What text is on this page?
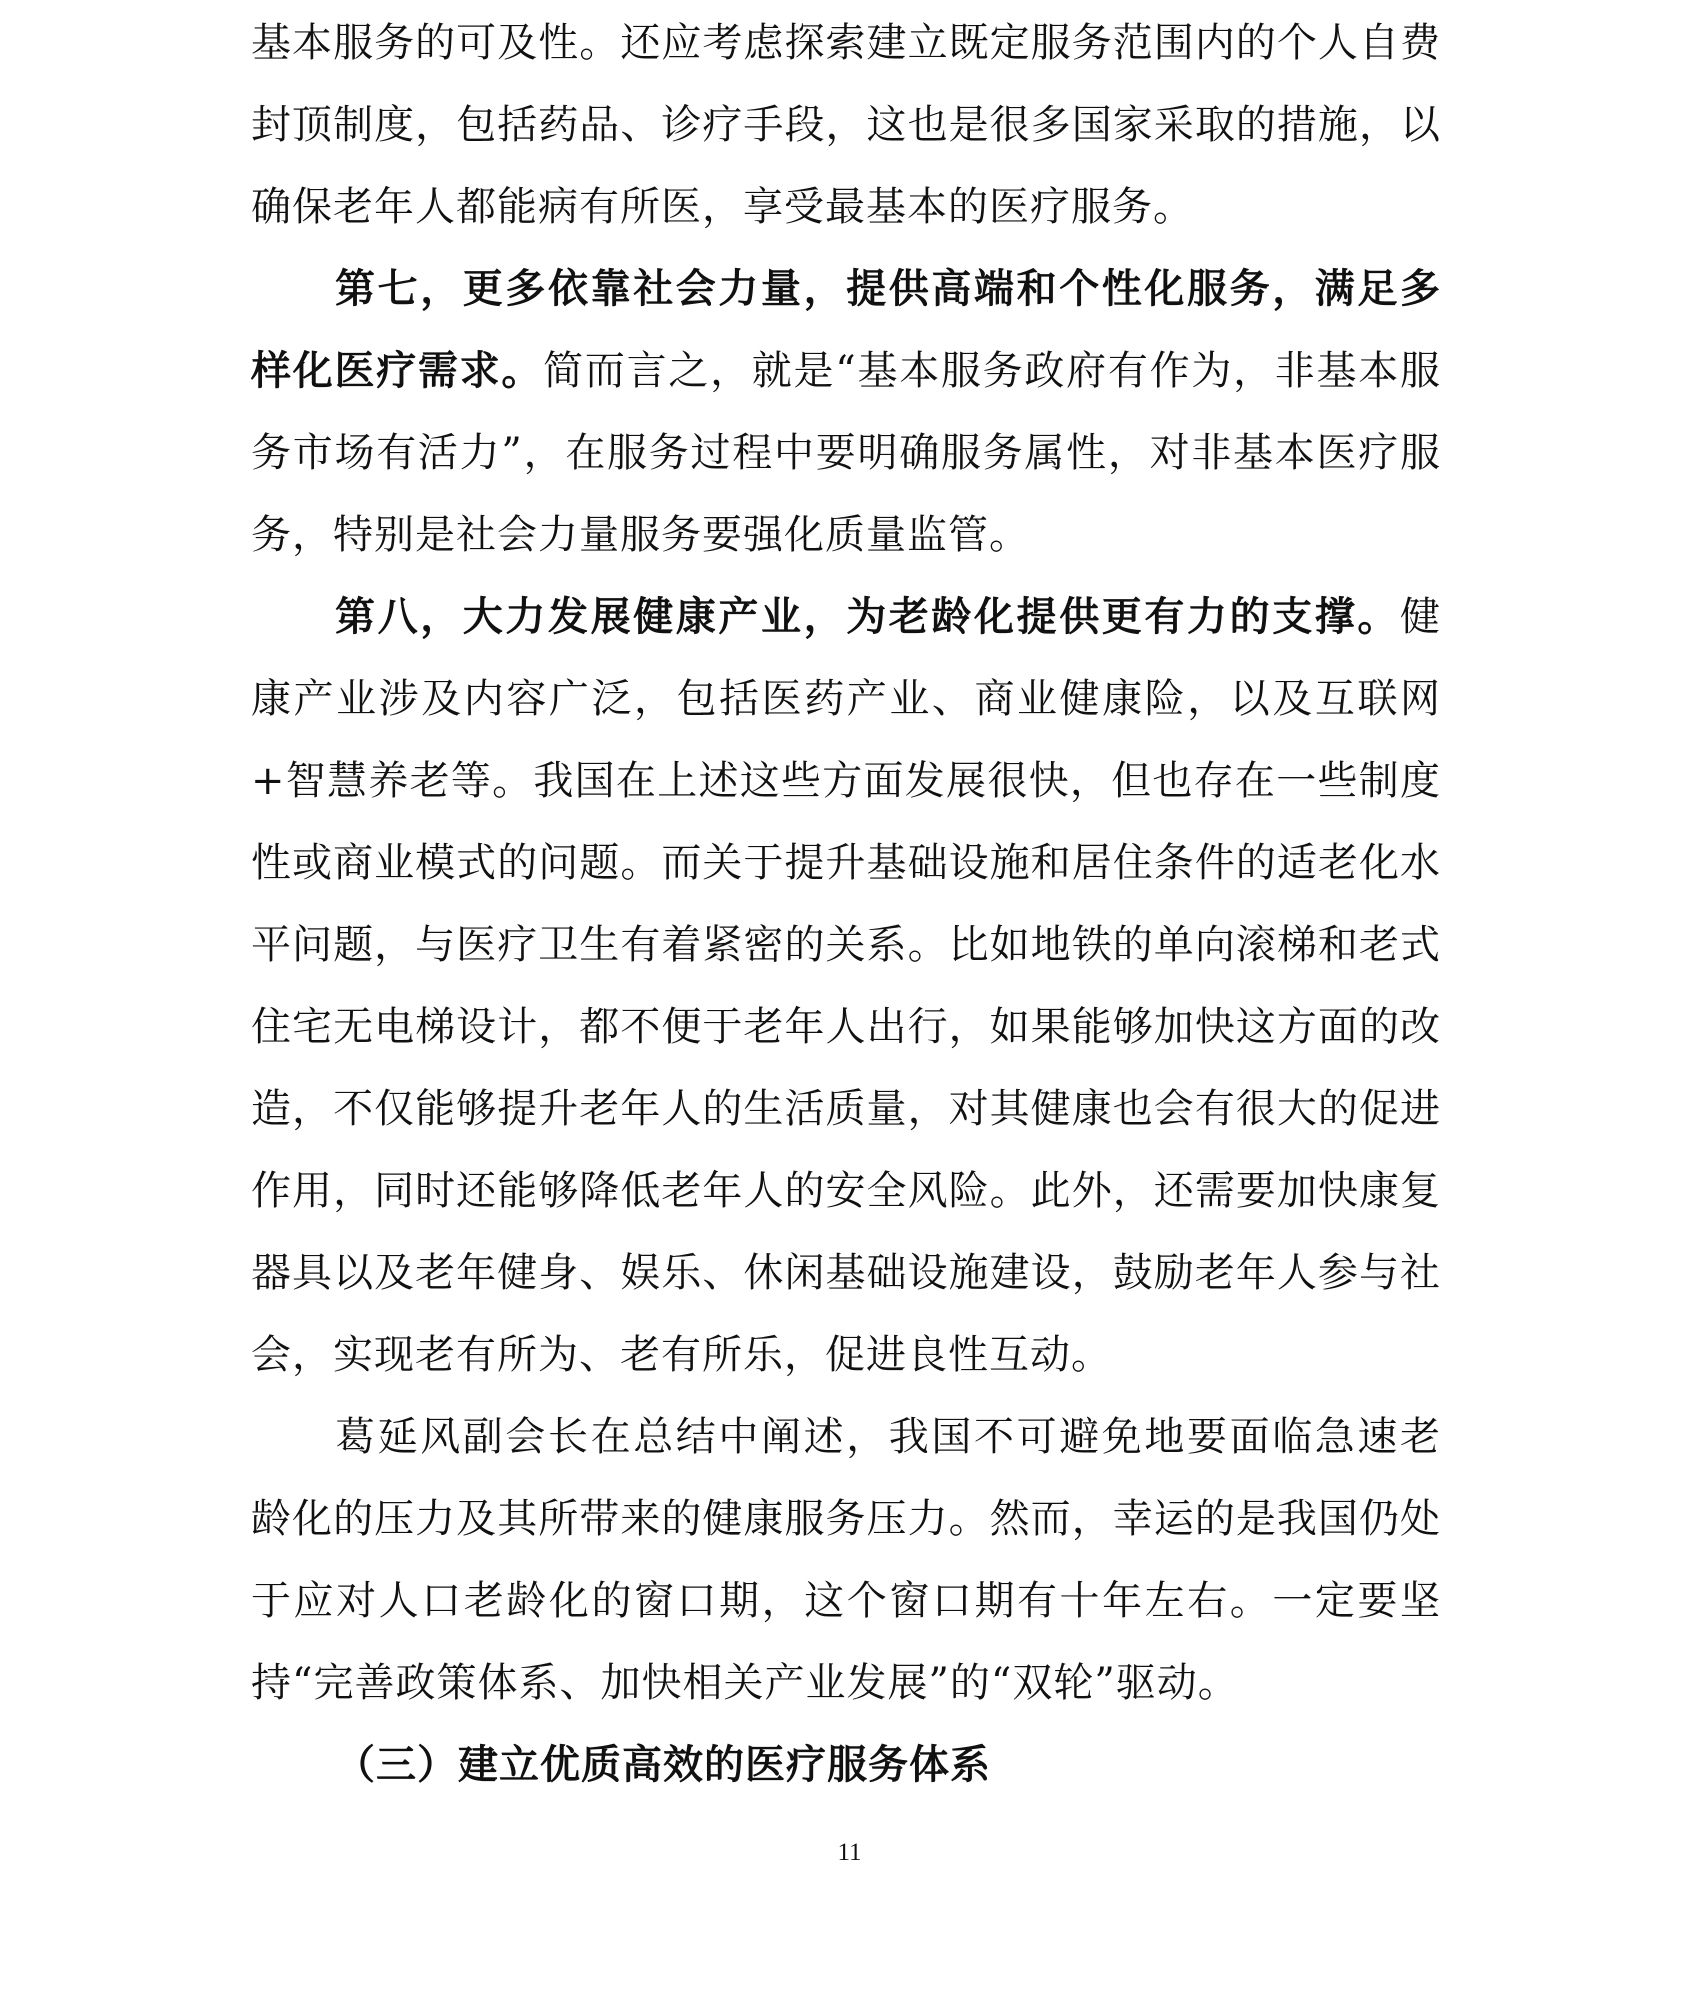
基本服务的可及性。还应考虑探索建立既定服务范围内的个人自费封顶制度，包括药品、诊疗手段，这也是很多国家采取的措施，以确保老年人都能病有所医，享受最基本的医疗服务。

第七，更多依靠社会力量，提供高端和个性化服务，满足多样化医疗需求。简而言之，就是“基本服务政府有作为，非基本服务市场有活力”，在服务过程中要明确服务属性，对非基本医疗服务，特别是社会力量服务要强化质量监管。

第八，大力发展健康产业，为老龄化提供更有力的支撑。健康产业涉及内容广泛，包括医药产业、商业健康险，以及互联网+智慧养老等。我国在上述这些方面发展很快，但也存在一些制度性或商业模式的问题。而关于提升基础设施和居住条件的适老化水平问题，与医疗卫生有着紧密的关系。比如地铁的单向滚梯和老式住宅无电梯设计，都不便于老年人出行，如果能够加快这方面的改造，不仅能够提升老年人的生活质量，对其健康也会有很大的促进作用，同时还能够降低老年人的安全风险。此外，还需要加快康复器具以及老年健身、娱乐、休闲基础设施建设，鼓励老年人参与社会，实现老有所为、老有所乐，促进良性互动。

葛延风副会长在总结中阐述，我国不可避免地要面临急速老龄化的压力及其所带来的健康服务压力。然而，幸运的是我国仍处于应对人口老龄化的窗口期，这个窗口期有十年左右。一定要坚持“完善政策体系、加快相关产业发展”的“双轮”驱动。

（三）建立优质高效的医疗服务体系

11
